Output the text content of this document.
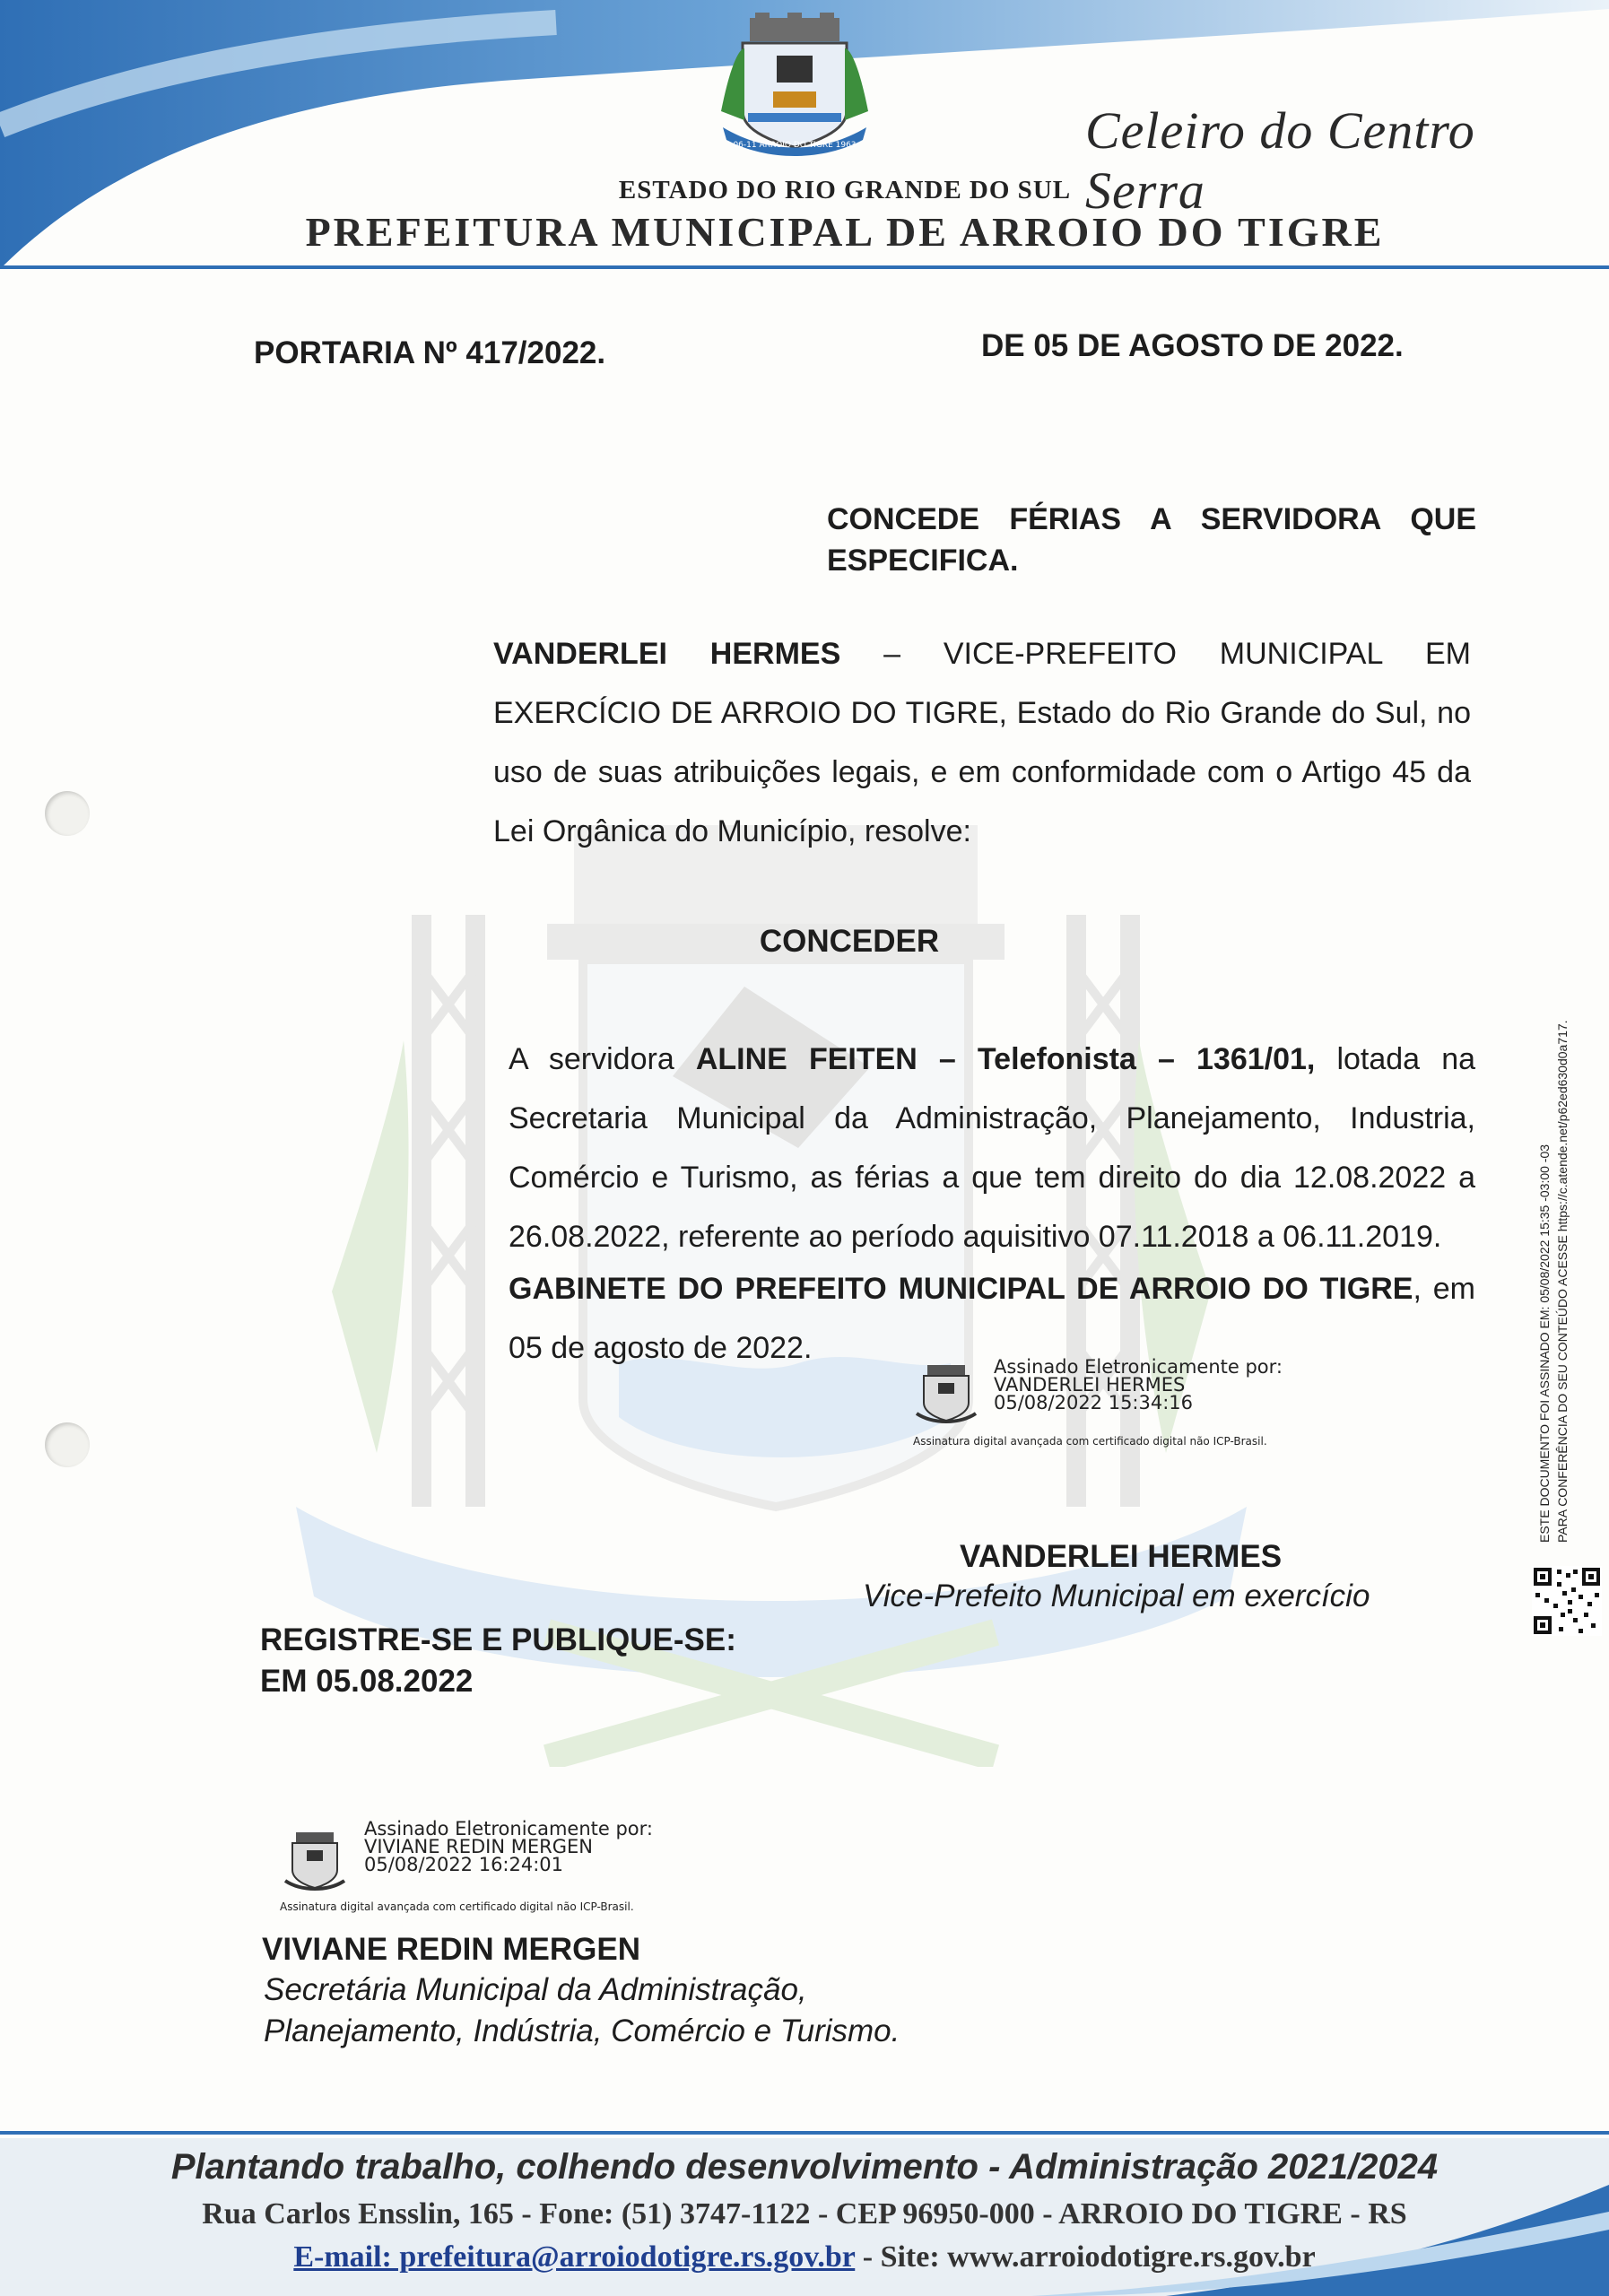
06-11 ARROIO DO TIGRE 1963	Celeiro do Centro Serra
ESTADO DO RIO GRANDE DO SUL
PREFEITURA MUNICIPAL DE ARROIO DO TIGRE
PORTARIA Nº 417/2022.	DE 05 DE AGOSTO DE 2022.
CONCEDE FÉRIAS A SERVIDORA QUE ESPECIFICA.
VANDERLEI HERMES – VICE-PREFEITO MUNICIPAL EM EXERCÍCIO DE ARROIO DO TIGRE, Estado do Rio Grande do Sul, no uso de suas atribuições legais, e em conformidade com o Artigo 45 da Lei Orgânica do Município, resolve:
CONCEDER
A servidora ALINE FEITEN – Telefonista – 1361/01, lotada na Secretaria Municipal da Administração, Planejamento, Industria, Comércio e Turismo, as férias a que tem direito do dia 12.08.2022 a 26.08.2022, referente ao período aquisitivo 07.11.2018 a 06.11.2019.
GABINETE DO PREFEITO MUNICIPAL DE ARROIO DO TIGRE, em 05 de agosto de 2022.
Assinado Eletronicamente por:
VANDERLEI HERMES
05/08/2022 15:34:16
Assinatura digital avançada com certificado digital não ICP-Brasil.
VANDERLEI HERMES
Vice-Prefeito Municipal em exercício
REGISTRE-SE E PUBLIQUE-SE:
EM 05.08.2022
Assinado Eletronicamente por:
VIVIANE REDIN MERGEN
05/08/2022 16:24:01
Assinatura digital avançada com certificado digital não ICP-Brasil.
VIVIANE REDIN MERGEN
Secretária Municipal da Administração,
Planejamento, Indústria, Comércio e Turismo.
ESTE DOCUMENTO FOI ASSINADO EM: 05/08/2022 15:35 -03:00 -03 PARA CONFERÊNCIA DO SEU CONTEÚDO ACESSE https://c.atende.net/p62ed630d0a717.
Plantando trabalho, colhendo desenvolvimento - Administração 2021/2024
Rua Carlos Ensslin, 165 - Fone: (51) 3747-1122 - CEP 96950-000 - ARROIO DO TIGRE - RS
E-mail: prefeitura@arroiodotigre.rs.gov.br - Site: www.arroiodotigre.rs.gov.br
